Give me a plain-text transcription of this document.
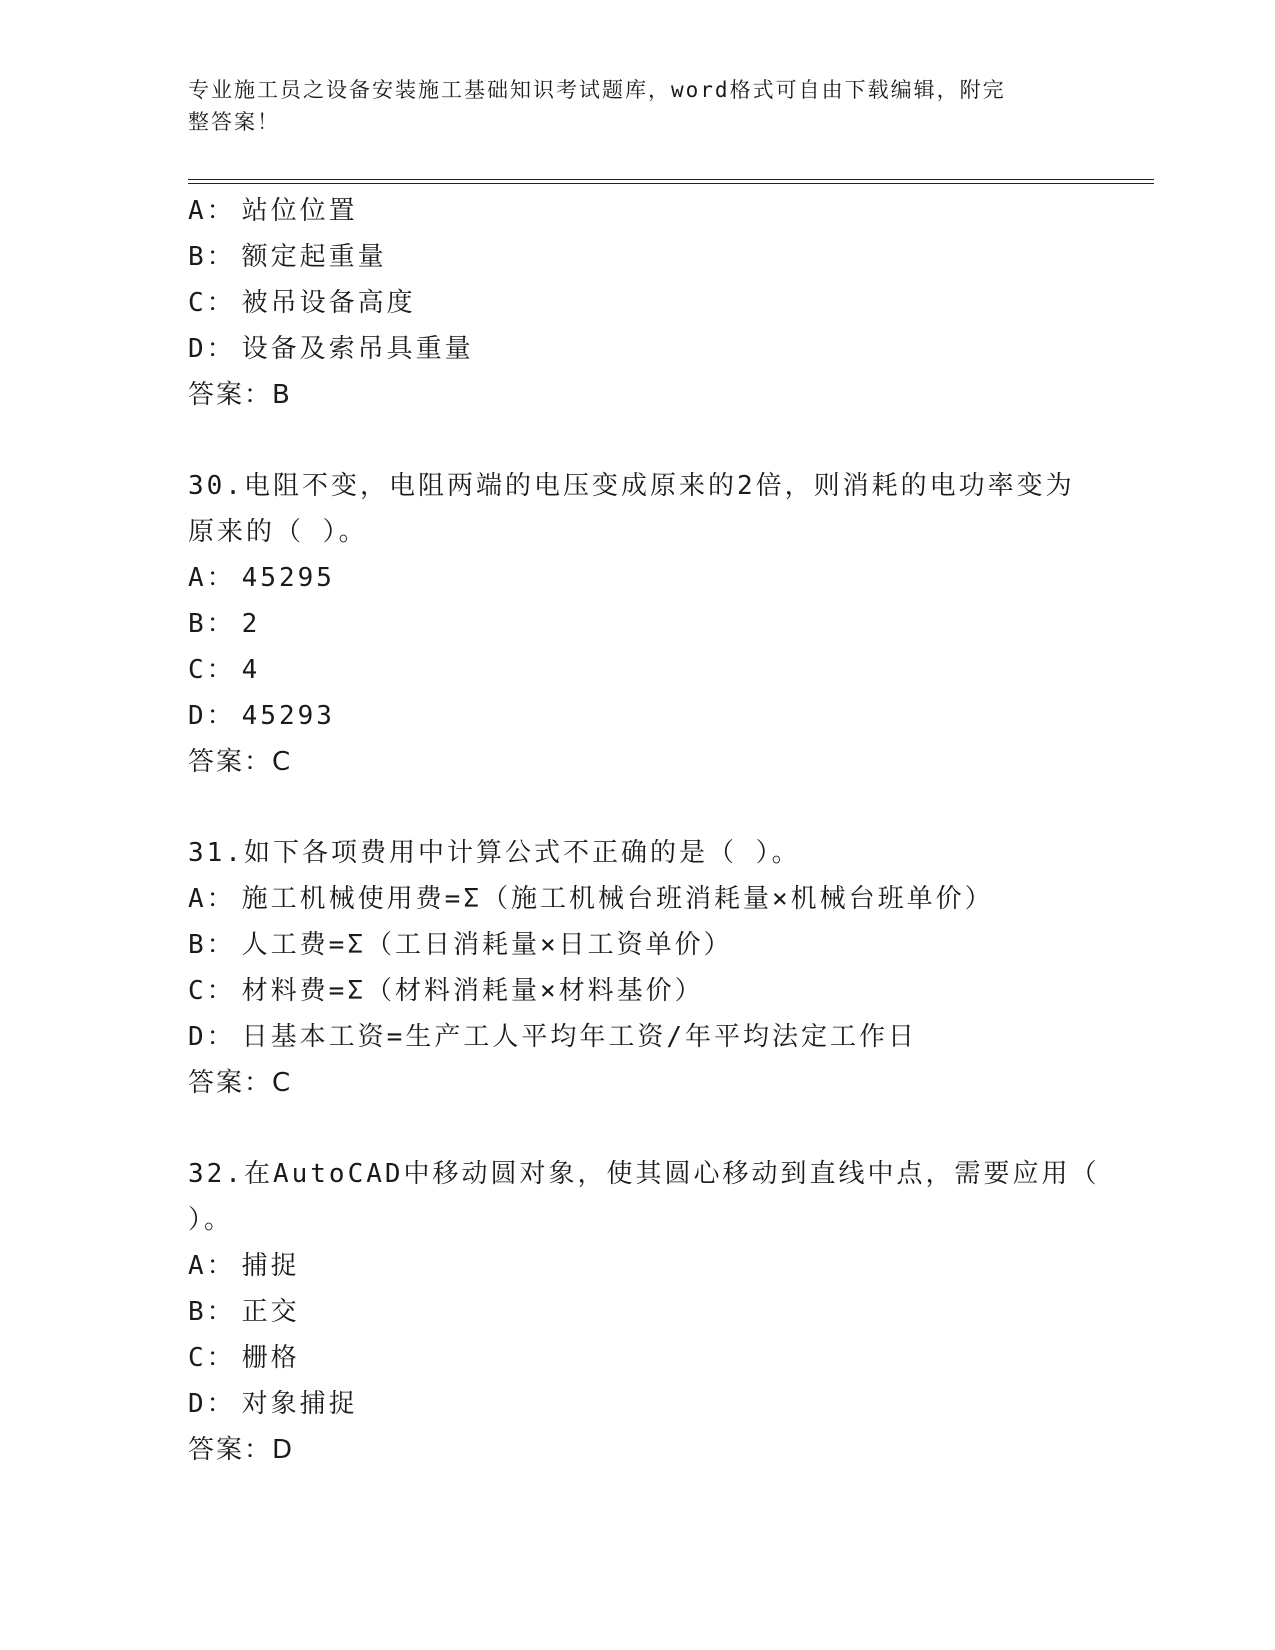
专业施工员之设备安装施工基础知识考试题库，word格式可自由下载编辑，附完
整答案！
A： 站位位置
B： 额定起重量
C： 被吊设备高度
D： 设备及索吊具重量
答案：B
30.电阻不变，电阻两端的电压变成原来的2倍，则消耗的电功率变为
原来的（ ）。
A： 45295
B： 2
C： 4
D： 45293
答案：C
31.如下各项费用中计算公式不正确的是（ ）。
A： 施工机械使用费=Σ（施工机械台班消耗量×机械台班单价）
B： 人工费=Σ（工日消耗量×日工资单价）
C： 材料费=Σ（材料消耗量×材料基价）
D： 日基本工资=生产工人平均年工资/年平均法定工作日
答案：C
32.在AutoCAD中移动圆对象，使其圆心移动到直线中点，需要应用（
）。
A： 捕捉
B： 正交
C： 栅格
D： 对象捕捉
答案：D
